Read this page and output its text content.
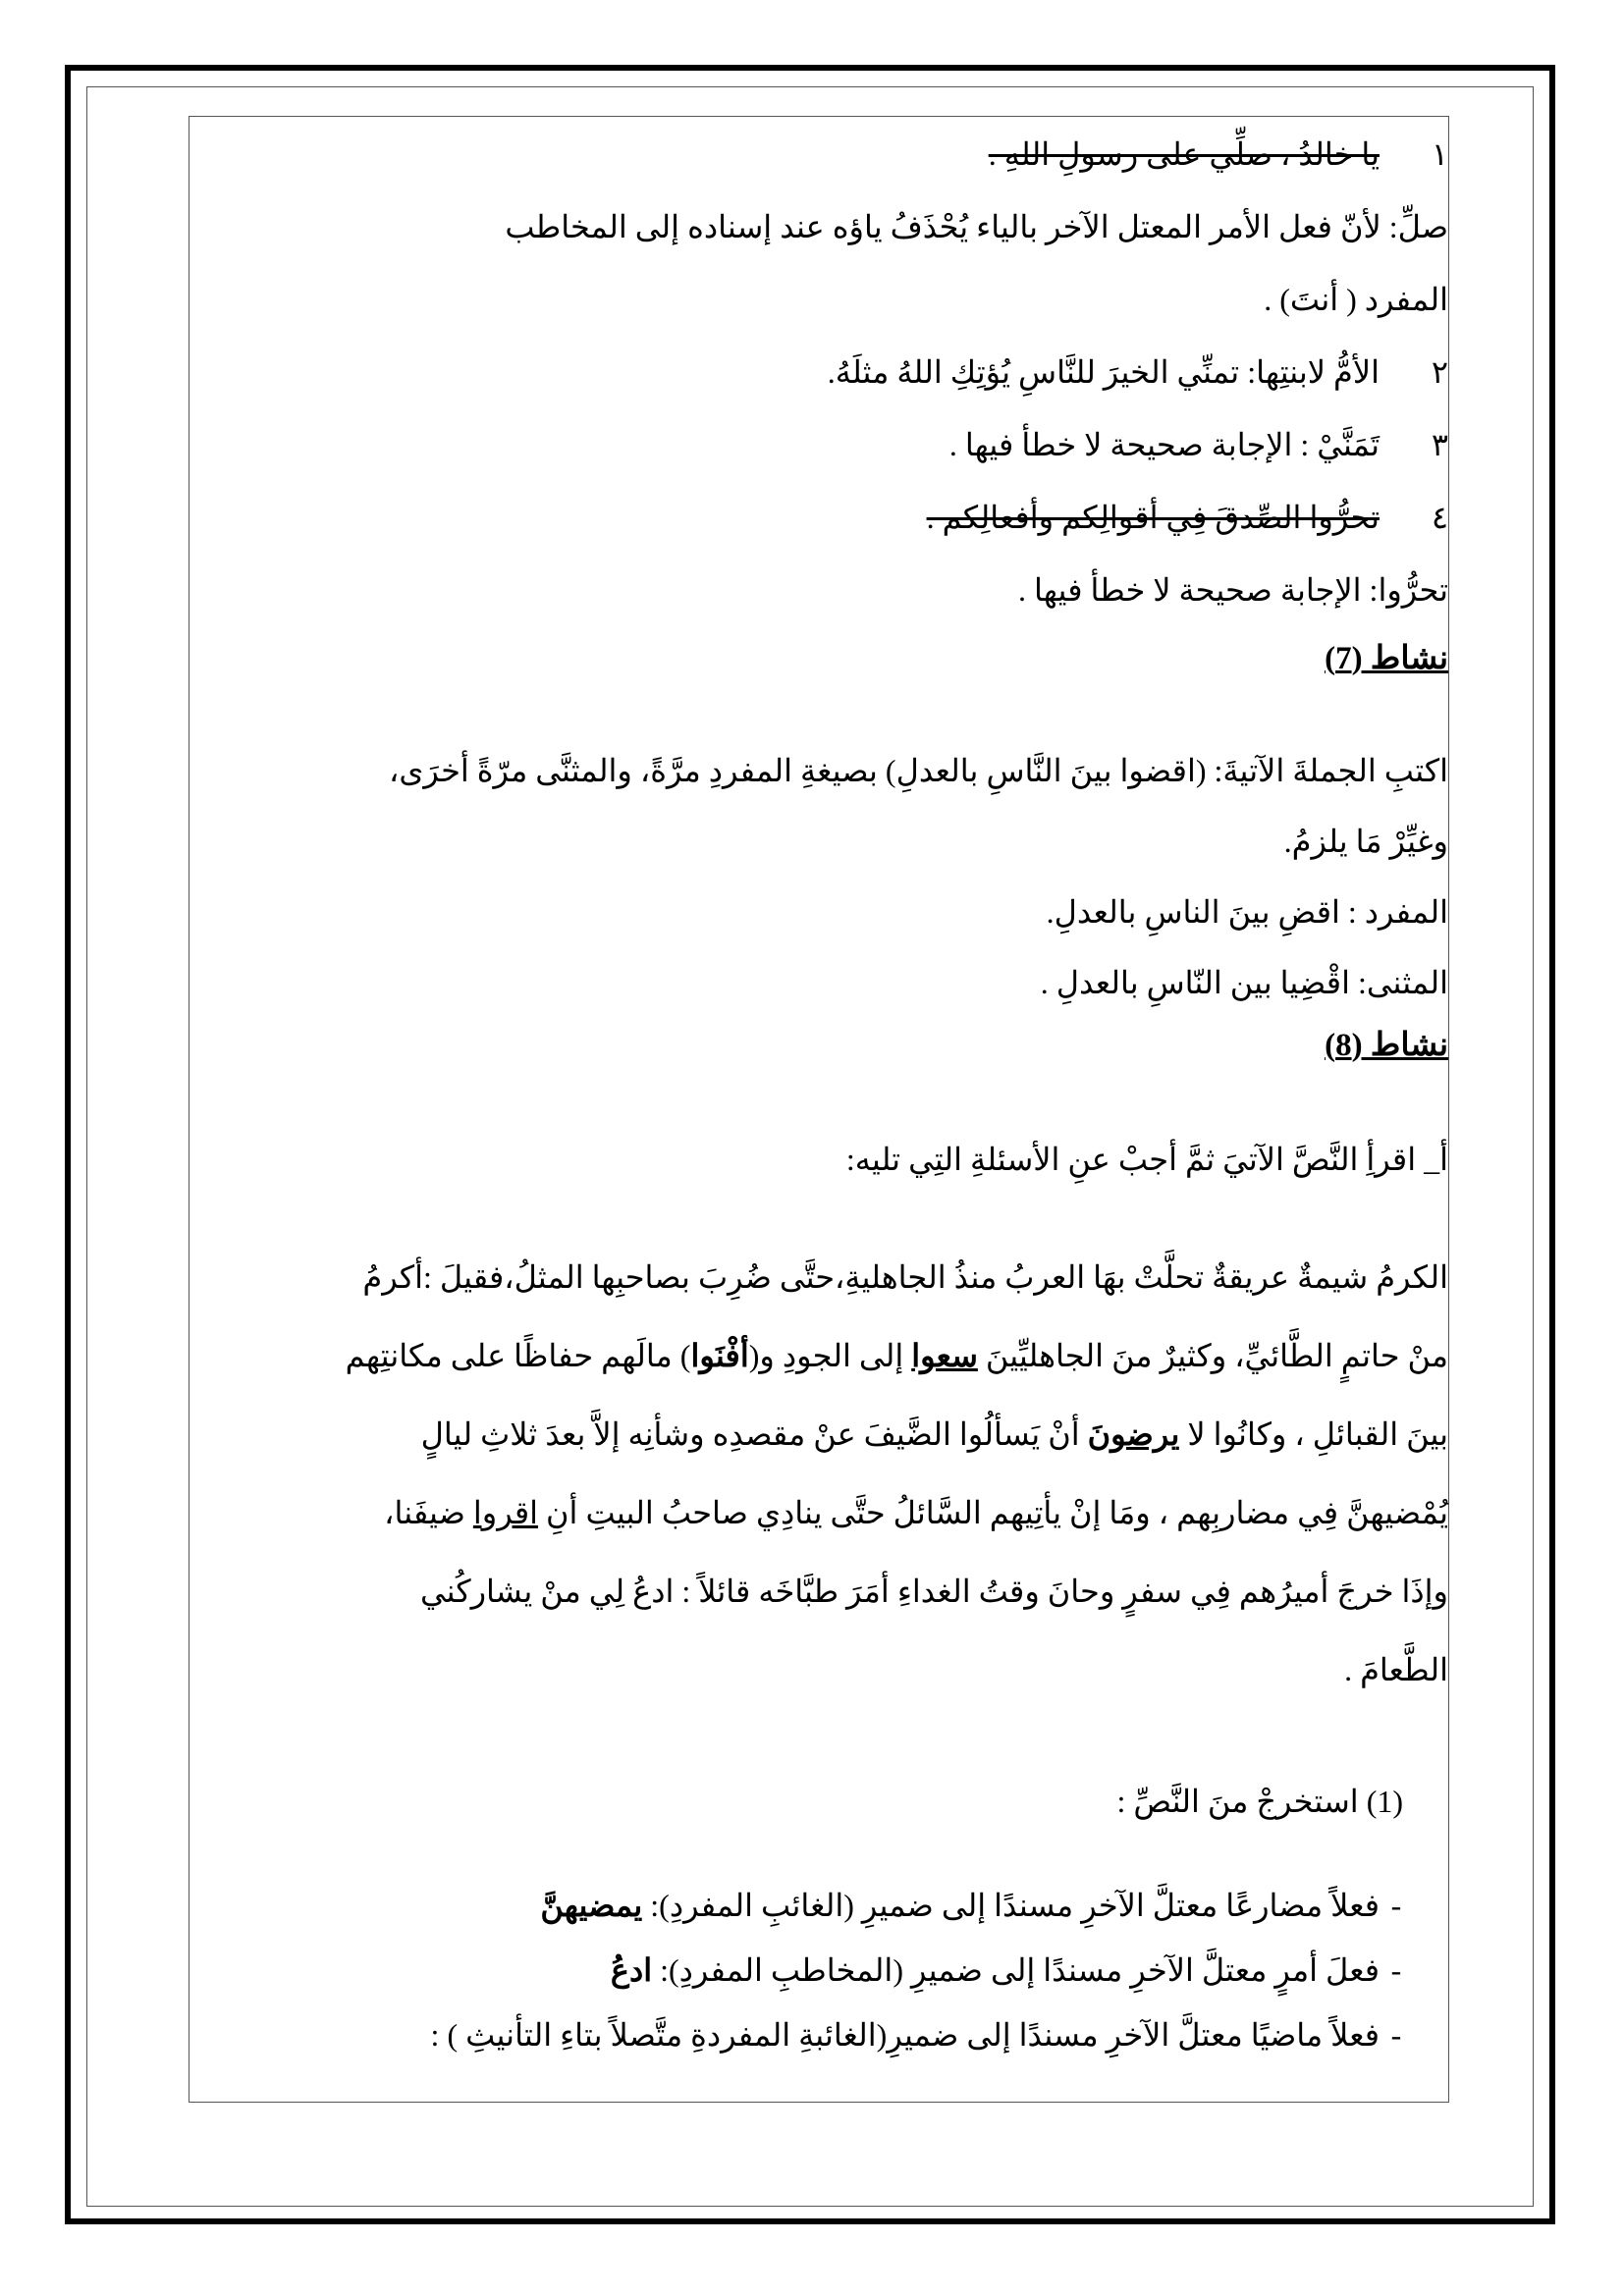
١ يا خالدُ ، صلِّي على رسولِ اللهِ .
صلِّ: لأنّ فعل الأمر المعتل الآخر بالياء يُحْذَفُ ياؤه عند إسناده إلى المخاطب
المفرد ( أنتَ) .
٢ الأمُّ لابنتِها: تمنِّي الخيرَ للنَّاسِ يُؤتِكِ اللهُ مثلَهُ.
٣ تَمَنَّيْ : الإجابة صحيحة لا خطأ فيها .
٤ تحرُّوا الصِّدقَ فِي أقوالِكم وأفعالِكم .
تحرُّوا: الإجابة صحيحة لا خطأ فيها .
نشاط (7)
اكتبِ الجملةَ الآتيةَ: (اقضوا بينَ النَّاسِ بالعدلِ) بصيغةِ المفردِ مرَّةً، والمثنَّى مرّةً أخرَى،
وغيِّرْ مَا يلزمُ.
المفرد : اقضِ بينَ الناسِ بالعدلِ.
المثنى: اقْضِيا بين النّاسِ بالعدلِ .
نشاط (8)
أ_ اقرأِ النَّصَّ الآتيَ ثمَّ أجبْ عنِ الأسئلةِ التِي تليه:
الكرمُ شيمةٌ عريقةٌ تحلَّتْ بهَا العربُ منذُ الجاهليةِ،حتَّى ضُرِبَ بصاحبِها المثلُ،فقيلَ :أكرمُ
منْ حاتمٍ الطَّائيِّ، وكثيرٌ منَ الجاهليِّينَ سعوا إلى الجودِ و(أفْنَوا) مالَهم حفاظًا على مكانتِهم
بينَ القبائلِ ، وكانُوا لا يرضونَ أنْ يَسألُوا الضَّيفَ عنْ مقصدِه وشأنِه إلاَّ بعدَ ثلاثِ ليالٍ
يُمْضيهنَّ فِي مضاربِهم ، ومَا إنْ يأتِيهم السَّائلُ حتَّى ينادِي صاحبُ البيتِ أنِ اقروا ضيفَنا،
وإذَا خرجَ أميرُهم فِي سفرٍ وحانَ وقتُ الغداءِ أمَرَ طبَّاخَه قائلاً : ادعُ لِي منْ يشاركُني
الطَّعامَ .
(1) استخرجْ منَ النَّصِّ :
-فعلاً مضارعًا معتلَّ الآخرِ مسندًا إلى ضميرِ (الغائبِ المفردِ): يمضيهنَّ
-فعلَ أمرٍ معتلَّ الآخرِ مسندًا إلى ضميرِ (المخاطبِ المفردِ): ادعُ
-فعلاً ماضيًا معتلَّ الآخرِ مسندًا إلى ضميرِ(الغائبةِ المفردةِ متَّصلاً بتاءِ التأنيثِ ) :
